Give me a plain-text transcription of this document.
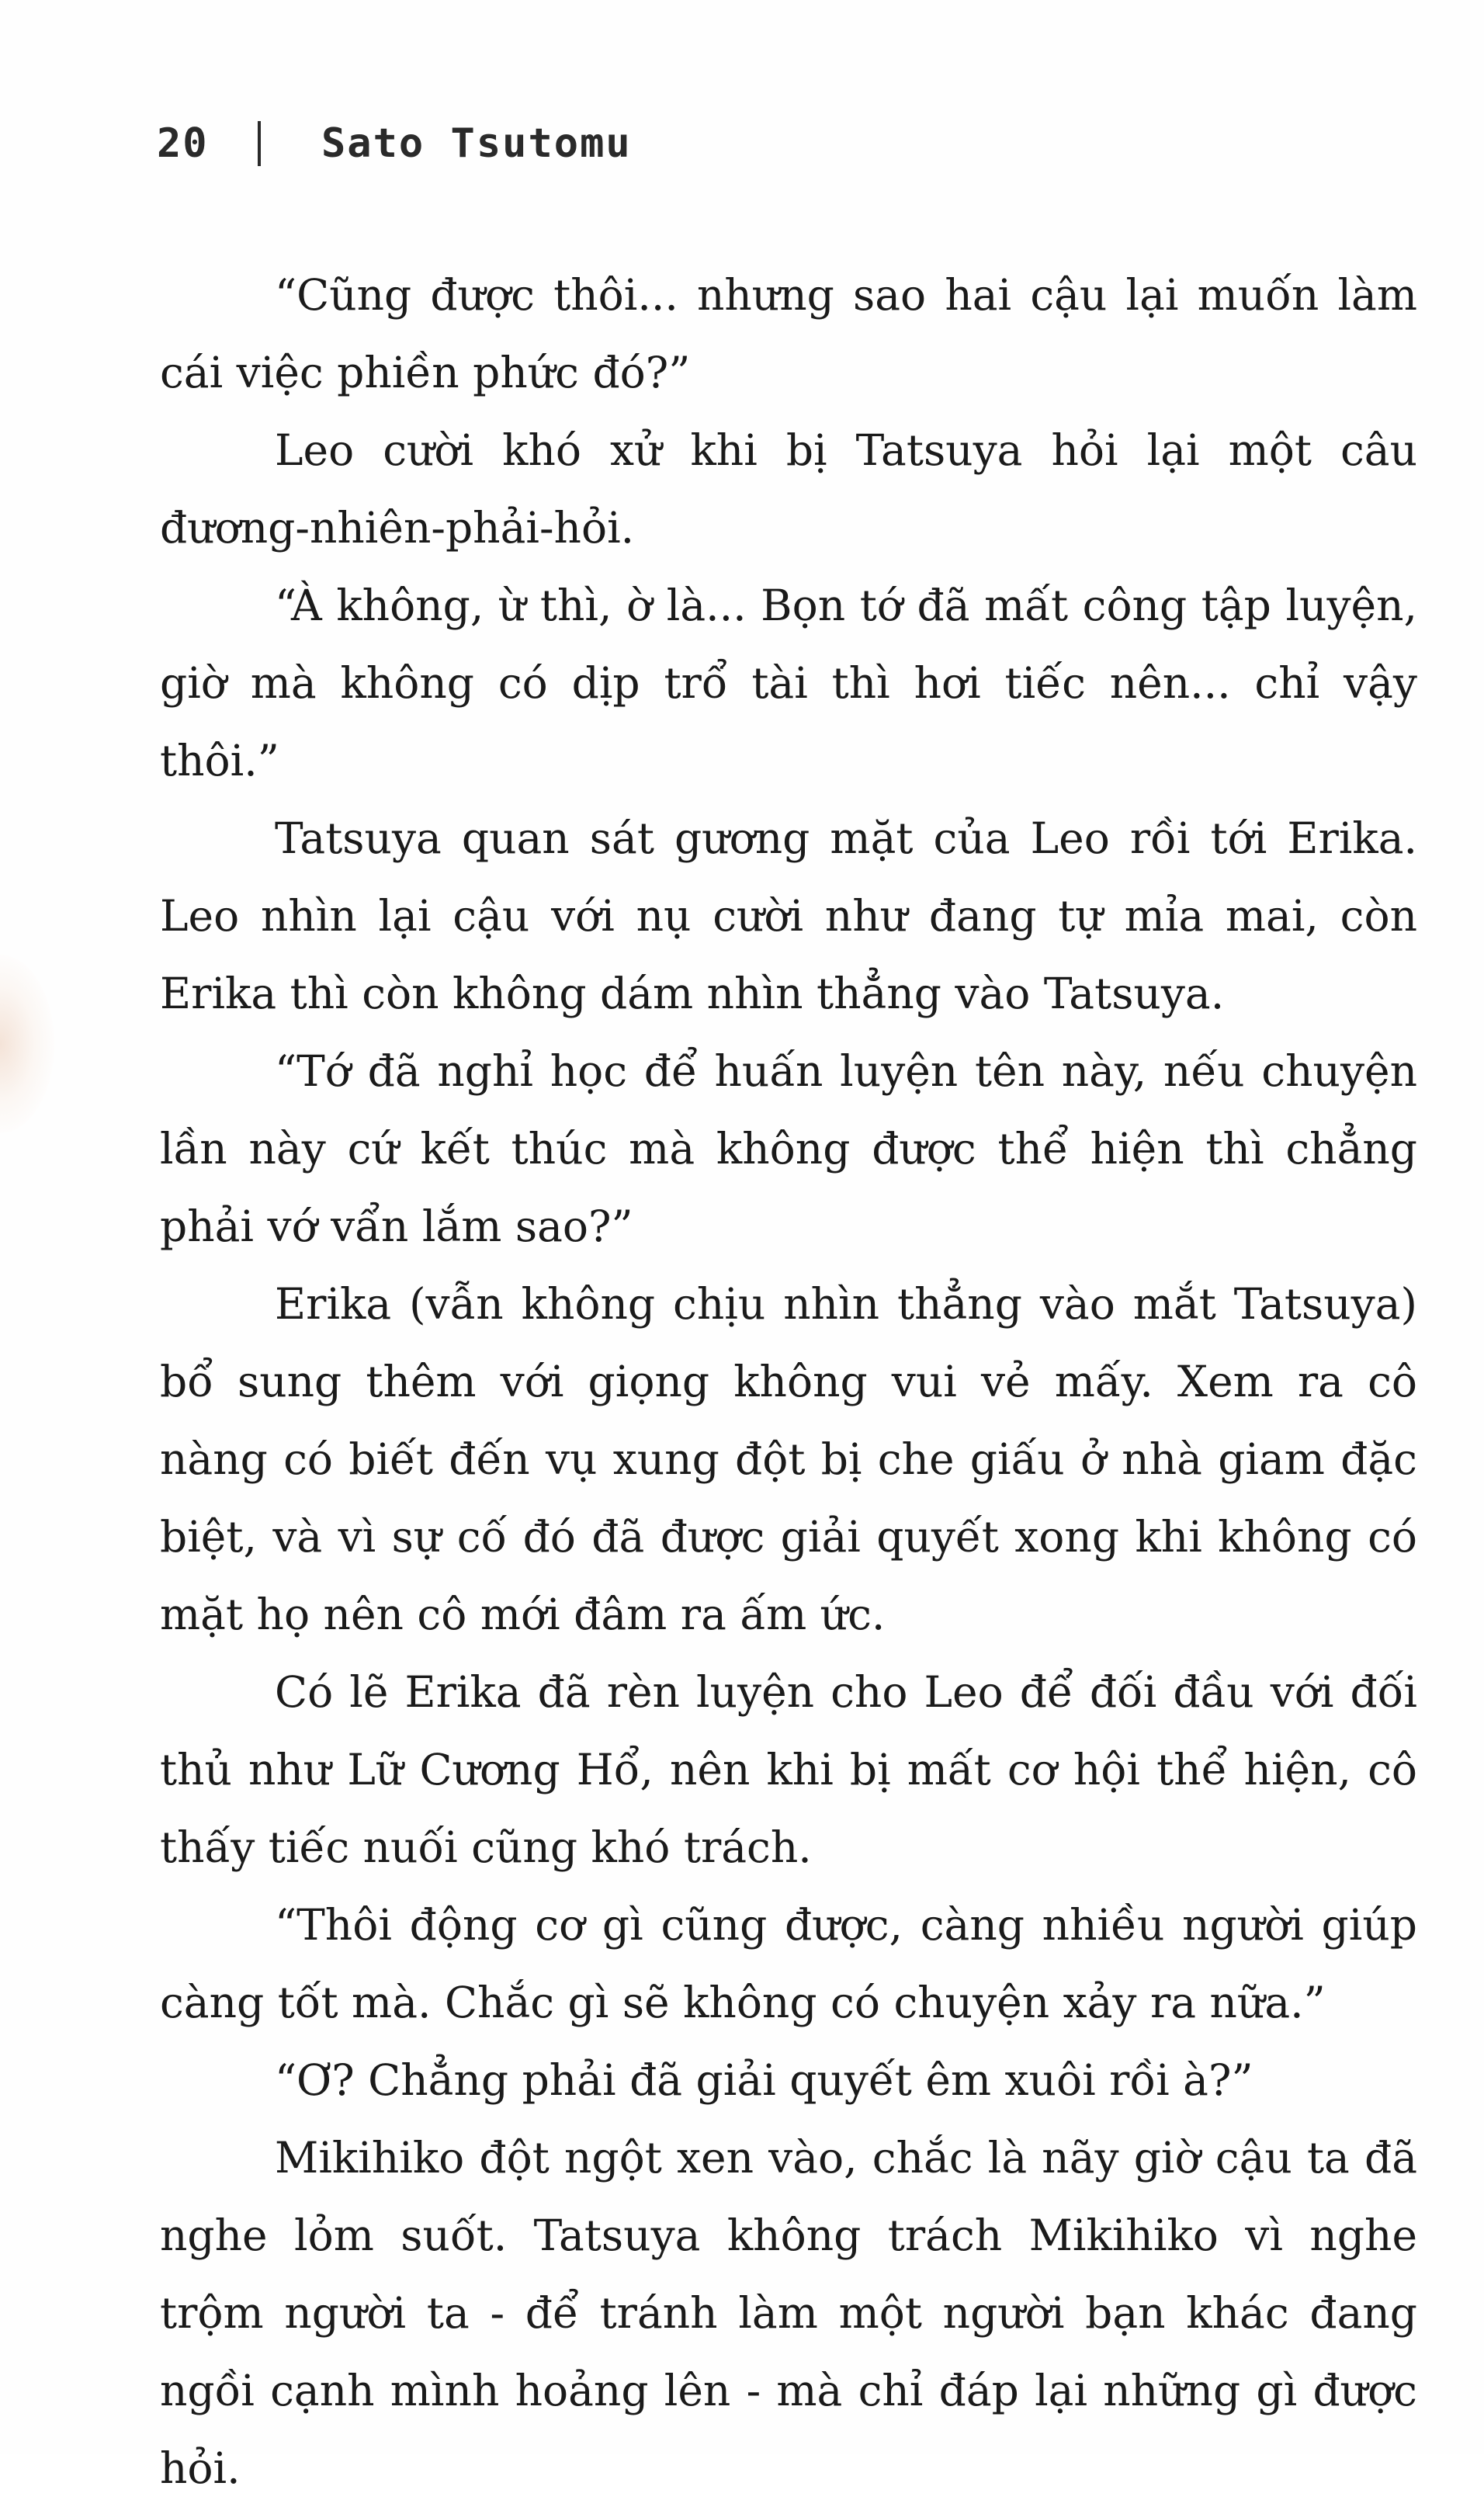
20	Sato Tsutomu

“Cũng được thôi... nhưng sao hai cậu lại muốn làm cái việc phiền phức đó?”

Leo cười khó xử khi bị Tatsuya hỏi lại một câu đương-nhiên-phải-hỏi.

“À không, ừ thì, ờ là... Bọn tớ đã mất công tập luyện, giờ mà không có dịp trổ tài thì hơi tiếc nên... chỉ vậy thôi.”

Tatsuya quan sát gương mặt của Leo rồi tới Erika. Leo nhìn lại cậu với nụ cười như đang tự mỉa mai, còn Erika thì còn không dám nhìn thẳng vào Tatsuya.

“Tớ đã nghỉ học để huấn luyện tên này, nếu chuyện lần này cứ kết thúc mà không được thể hiện thì chẳng phải vớ vẩn lắm sao?”

Erika (vẫn không chịu nhìn thẳng vào mắt Tatsuya) bổ sung thêm với giọng không vui vẻ mấy. Xem ra cô nàng có biết đến vụ xung đột bị che giấu ở nhà giam đặc biệt, và vì sự cố đó đã được giải quyết xong khi không có mặt họ nên cô mới đâm ra ấm ức.

Có lẽ Erika đã rèn luyện cho Leo để đối đầu với đối thủ như Lữ Cương Hổ, nên khi bị mất cơ hội thể hiện, cô thấy tiếc nuối cũng khó trách.

“Thôi động cơ gì cũng được, càng nhiều người giúp càng tốt mà. Chắc gì sẽ không có chuyện xảy ra nữa.”

“Ơ? Chẳng phải đã giải quyết êm xuôi rồi à?”

Mikihiko đột ngột xen vào, chắc là nãy giờ cậu ta đã nghe lỏm suốt. Tatsuya không trách Mikihiko vì nghe trộm người ta - để tránh làm một người bạn khác đang ngồi cạnh mình hoảng lên - mà chỉ đáp lại những gì được hỏi.
